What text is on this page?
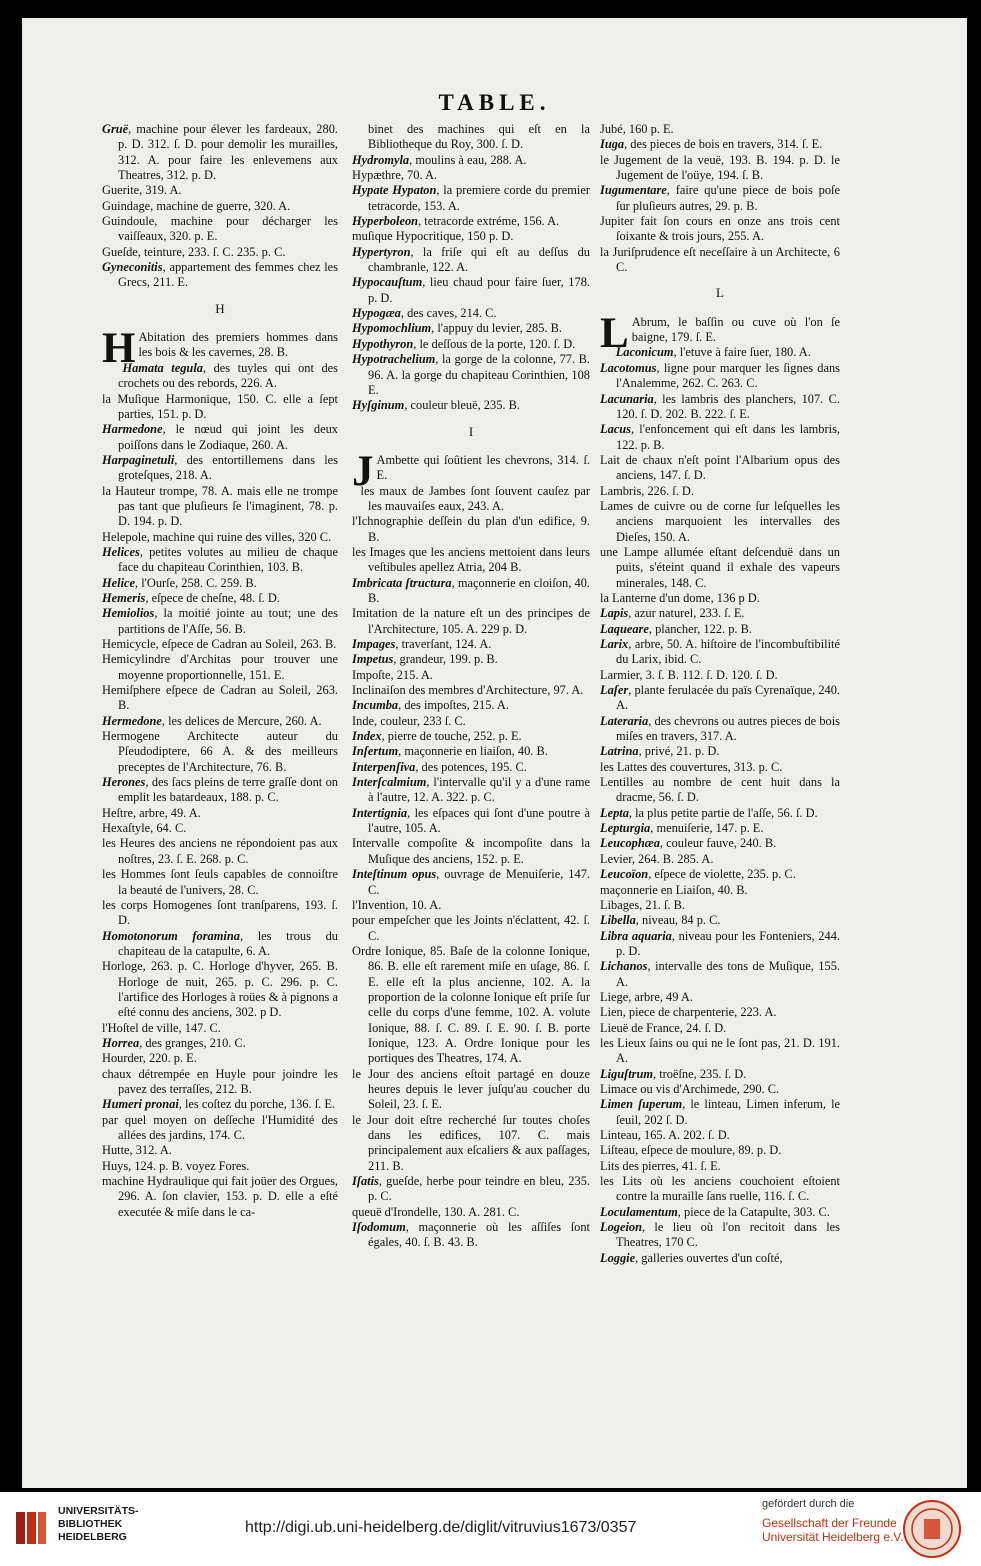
TABLE.

Gruë, machine pour élever les fardeaux, 280. p. D. 312. ſ. D. pour demolir les murailles, 312. A. pour faire les enlevemens aux Theatres, 312. p. D.

Guerite, 319. A.

Guindage, machine de guerre, 320. A.

Guindoule, machine pour décharger les vaiſſeaux, 320. p. E.

Gueſde, teinture, 233. ſ. C. 235. p. C.

Gyneconitis, appartement des femmes chez les Grecs, 211. E.

H

H Abitation des premiers hommes dans les bois & les cavernes, 28. B.

Hamata tegula, des tuyles qui ont des crochets ou des rebords, 226. A.

la Muſique Harmonique, 150. C. elle a ſept parties, 151. p. D.

Harmedone, le nœud qui joint les deux poiſſons dans le Zodiaque, 260. A.

Harpaginetuli, des entortillemens dans les groteſques, 218. A.

la Hauteur trompe, 78. A. mais elle ne trompe pas tant que pluſieurs ſe l'imaginent, 78. p. D. 194. p. D.

Helepole, machine qui ruine des villes, 320 C.

Helices, petites volutes au milieu de chaque face du chapiteau Corinthien, 103. B.

Helice, l'Ourſe, 258. C. 259. B.

Hemeris, eſpece de cheſne, 48. ſ. D.

Hemiolios, la moitié jointe au tout; une des partitions de l'Aſſe, 56. B.

Hemicycle, eſpece de Cadran au Soleil, 263. B.

Hemicylindre d'Architas pour trouver une moyenne proportionnelle, 151. E.

Hemiſphere eſpece de Cadran au Soleil, 263. B.

Hermedone, les delices de Mercure, 260. A.

Hermogene Architecte auteur du Pſeudodiptere, 66 A. & des meilleurs preceptes de l'Architecture, 76. B.

Herones, des ſacs pleins de terre graſſe dont on emplit les batardeaux, 188. p. C.

Heſtre, arbre, 49. A.

Hexaſtyle, 64. C.

les Heures des anciens ne répondoient pas aux noſtres, 23. ſ. E. 268. p. C.

les Hommes ſont ſeuls capables de connoiſtre la beauté de l'univers, 28. C.

les corps Homogenes ſont tranſparens, 193. ſ. D.

Homotonorum foramina, les trous du chapiteau de la catapulte, 6. A.

Horloge, 263. p. C. Horloge d'hyver, 265. B. Horloge de nuit, 265. p. C. 296. p. C. l'artifice des Horloges à roües & à pignons a eſté connu des anciens, 302. p D.

l'Hoſtel de ville, 147. C.

Horrea, des granges, 210. C.

Hourder, 220. p. E.

chaux détrempée en Huyle pour joindre les pavez des terraſſes, 212. B.

Humeri pronai, les coſtez du porche, 136. ſ. E.

par quel moyen on deſſeche l'Humidité des allées des jardins, 174. C.

Hutte, 312. A.

Huys, 124. p. B. voyez Fores.

machine Hydraulique qui fait joüer des Orgues, 296. A. ſon clavier, 153. p. D. elle a eſté executée & miſe dans le ca-

binet des machines qui eſt en la Bibliotheque du Roy, 300. ſ. D.

Hydromyla, moulins à eau, 288. A.

Hypæthre, 70. A.

Hypate Hypaton, la premiere corde du premier tetracorde, 153. A.

Hyperboleon, tetracorde extréme, 156. A.

muſique Hypocritique, 150 p. D.

Hypertyron, la friſe qui eſt au deſſus du chambranle, 122. A.

Hypocauſtum, lieu chaud pour faire ſuer, 178. p. D.

Hypogæa, des caves, 214. C.

Hypomochlium, l'appuy du levier, 285. B.

Hypothyron, le deſſous de la porte, 120. ſ. D.

Hypotrachelium, la gorge de la colonne, 77. B. 96. A. la gorge du chapiteau Corinthien, 108 E.

Hyſginum, couleur bleuë, 235. B.

I

J Ambette qui ſoûtient les chevrons, 314. ſ. E.

les maux de Jambes ſont ſouvent cauſez par les mauvaiſes eaux, 243. A.

l'Ichnographie deſſein du plan d'un edifice, 9. B.

les Images que les anciens mettoient dans leurs veſtibules apellez Atria, 204 B.

Imbricata ſtructura, maçonnerie en cloiſon, 40. B.

Imitation de la nature eſt un des principes de l'Architecture, 105. A. 229 p. D.

Impages, traverſant, 124. A.

Impetus, grandeur, 199. p. B.

Impoſte, 215. A.

Inclinaiſon des membres d'Architecture, 97. A.

Incumba, des impoſtes, 215. A.

Inde, couleur, 233 ſ. C.

Index, pierre de touche, 252. p. E.

Inſertum, maçonnerie en liaiſon, 40. B.

Interpenſiva, des potences, 195. C.

Interſcalmium, l'intervalle qu'il y a d'une rame à l'autre, 12. A. 322. p. C.

Intertignia, les eſpaces qui ſont d'une poutre à l'autre, 105. A.

Intervalle compoſite & incompoſite dans la Muſique des anciens, 152. p. E.

Inteſtinum opus, ouvrage de Menuiſerie, 147. C.

l'Invention, 10. A.

pour empeſcher que les Joints n'éclattent, 42. ſ. C.

Ordre Ionique, 85. Baſe de la colonne Ionique, 86. B. elle eſt rarement miſe en uſage, 86. ſ. E. elle eſt la plus ancienne, 102. A. la proportion de la colonne Ionique eſt priſe ſur celle du corps d'une femme, 102. A. volute Ionique, 88. ſ. C. 89. ſ. E. 90. ſ. B. porte Ionique, 123. A. Ordre Ionique pour les portiques des Theatres, 174. A.

le Jour des anciens eſtoit partagé en douze heures depuis le lever juſqu'au coucher du Soleil, 23. ſ. E.

le Jour doit eſtre recherché ſur toutes choſes dans les edifices, 107. C. mais principalement aux eſcaliers & aux paſſages, 211. B.

Iſatis, gueſde, herbe pour teindre en bleu, 235. p. C.

queuë d'Irondelle, 130. A. 281. C.

Iſodomum, maçonnerie où les aſſiſes ſont égales, 40. ſ. B. 43. B.

Jubé, 160 p. E.

Iuga, des pieces de bois en travers, 314. ſ. E.

le Jugement de la veuë, 193. B. 194. p. D. le Jugement de l'oüye, 194. ſ. B.

Iugumentare, faire qu'une piece de bois poſe ſur pluſieurs autres, 29. p. B.

Jupiter fait ſon cours en onze ans trois cent ſoixante & trois jours, 255. A.

la Juriſprudence eſt neceſſaire à un Architecte, 6 C.

L

L Abrum, le baſſin ou cuve où l'on ſe baigne, 179. ſ. E.

Laconicum, l'etuve à faire ſuer, 180. A.

Lacotomus, ligne pour marquer les ſignes dans l'Analemme, 262. C. 263. C.

Lacunaria, les lambris des planchers, 107. C. 120. ſ. D. 202. B. 222. ſ. E.

Lacus, l'enfoncement qui eſt dans les lambris, 122. p. B.

Lait de chaux n'eſt point l'Albarium opus des anciens, 147. ſ. D.

Lambris, 226. ſ. D.

Lames de cuivre ou de corne ſur leſquelles les anciens marquoient les intervalles des Dieſes, 150. A.

une Lampe allumée eſtant deſcenduë dans un puits, s'éteint quand il exhale des vapeurs minerales, 148. C.

la Lanterne d'un dome, 136 p D.

Lapis, azur naturel, 233. ſ. E.

Laqueare, plancher, 122. p. B.

Larix, arbre, 50. A. hiſtoire de l'incombuſtibilité du Larix, ibid. C.

Larmier, 3. ſ. B. 112. ſ. D. 120. ſ. D.

Laſer, plante ferulacée du païs Cyrenaïque, 240. A.

Lateraria, des chevrons ou autres pieces de bois miſes en travers, 317. A.

Latrina, privé, 21. p. D.

les Lattes des couvertures, 313. p. C.

Lentilles au nombre de cent huit dans la dracme, 56. ſ. D.

Lepta, la plus petite partie de l'aſſe, 56. ſ. D.

Lepturgia, menuiſerie, 147. p. E.

Leucophæa, couleur fauve, 240. B.

Levier, 264. B. 285. A.

Leucoïon, eſpece de violette, 235. p. C.

maçonnerie en Liaiſon, 40. B.

Libages, 21. ſ. B.

Libella, niveau, 84 p. C.

Libra aquaria, niveau pour les Fonteniers, 244. p. D.

Lichanos, intervalle des tons de Muſique, 155. A.

Liege, arbre, 49 A.

Lien, piece de charpenterie, 223. A.

Lieuë de France, 24. ſ. D.

les Lieux ſains ou qui ne le ſont pas, 21. D. 191. A.

Liguſtrum, troëſne, 235. ſ. D.

Limace ou vis d'Archimede, 290. C.

Limen ſuperum, le linteau, Limen inferum, le ſeuil, 202 ſ. D.

Linteau, 165. A. 202. ſ. D.

Liſteau, eſpece de moulure, 89. p. D.

Lits des pierres, 41. ſ. E.

les Lits où les anciens couchoient eſtoient contre la muraille ſans ruelle, 116. ſ. C.

Loculamentum, piece de la Catapulte, 303. C.

Logeion, le lieu où l'on recitoit dans les Theatres, 170 C.

Loggie, galleries ouvertes d'un coſté,

UNIVERSITÄTS-
BIBLIOTHEK
HEIDELBERG
http://digi.ub.uni-heidelberg.de/diglit/vitruvius1673/0357
gefördert durch die
Gesellschaft der Freunde
Universität Heidelberg e.V.
